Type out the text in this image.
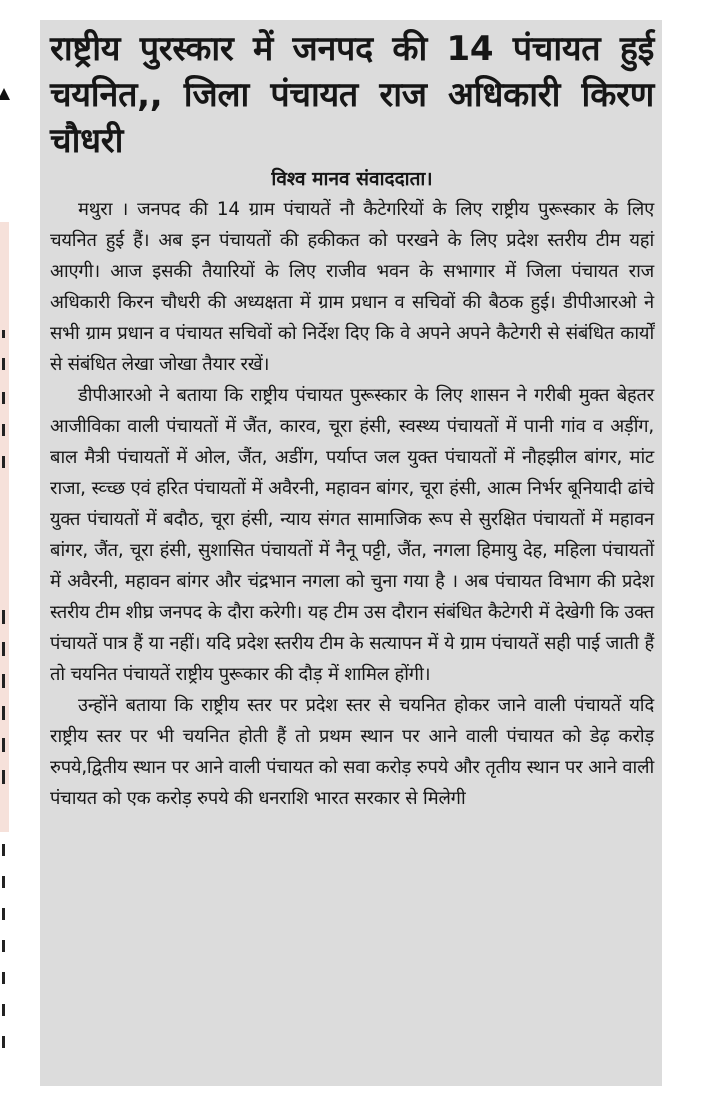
राष्ट्रीय पुरस्कार में जनपद की 14 पंचायत हुई
चयनित,, जिला पंचायत राज अधिकारी किरण चौधरी
विश्व मानव संवाददाता।

मथुरा । जनपद की 14 ग्राम पंचायतें नौ कैटेगरियों के लिए राष्ट्रीय पुरूस्कार के लिए चयनित हुई हैं। अब इन पंचायतों की हकीकत को परखने के लिए प्रदेश स्तरीय टीम यहां आएगी। आज इसकी तैयारियों के लिए राजीव भवन के सभागार में जिला पंचायत राज अधिकारी किरन चौधरी की अध्यक्षता में ग्राम प्रधान व सचिवों की बैठक हुई। डीपीआरओ ने सभी ग्राम प्रधान व पंचायत सचिवों को निर्देश दिए कि वे अपने अपने कैटेगरी से संबंधित कार्यों से संबंधित लेखा जोखा तैयार रखें।

डीपीआरओ ने बताया कि राष्ट्रीय पंचायत पुरूस्कार के लिए शासन ने गरीबी मुक्त बेहतर आजीविका वाली पंचायतों में जैंत, कारव, चूरा हंसी, स्वस्थ्य पंचायतों में पानी गांव व अड़ींग, बाल मैत्री पंचायतों में ओल, जैंत, अडींग, पर्याप्त जल युक्त पंचायतों में नौहझील बांगर, मांट राजा, स्व्च्छ एवं हरित पंचायतों में अवैरनी, महावन बांगर, चूरा हंसी, आत्म निर्भर बूनियादी ढांचे युक्त पंचायतों में बदौठ, चूरा हंसी, न्याय संगत सामाजिक रूप से सुरक्षित पंचायतों में महावन बांगर, जैंत, चूरा हंसी, सुशासित पंचायतों में नैनू पट्टी, जैंत, नगला हिमायु देह, महिला पंचायतों में अवैरनी, महावन बांगर और चंद्रभान नगला को चुना गया है । अब पंचायत विभाग की प्रदेश स्तरीय टीम शीघ्र जनपद के दौरा करेगी। यह टीम उस दौरान संबंधित कैटेगरी में देखेगी कि उक्त पंचायतें पात्र हैं या नहीं। यदि प्रदेश स्तरीय टीम के सत्यापन में ये ग्राम पंचायतें सही पाई जाती हैं तो चयनित पंचायतें राष्ट्रीय पुरूकार की दौड़ में शामिल होंगी।

उन्होंने बताया कि राष्ट्रीय स्तर पर प्रदेश स्तर से चयनित होकर जाने वाली पंचायतें यदि राष्ट्रीय स्तर पर भी चयनित होती हैं तो प्रथम स्थान पर आने वाली पंचायत को डेढ़ करोड़ रुपये,द्वितीय स्थान पर आने वाली पंचायत को सवा करोड़ रुपये और तृतीय स्थान पर आने वाली पंचायत को एक करोड़ रुपये की धनराशि भारत सरकार से मिलेगी
